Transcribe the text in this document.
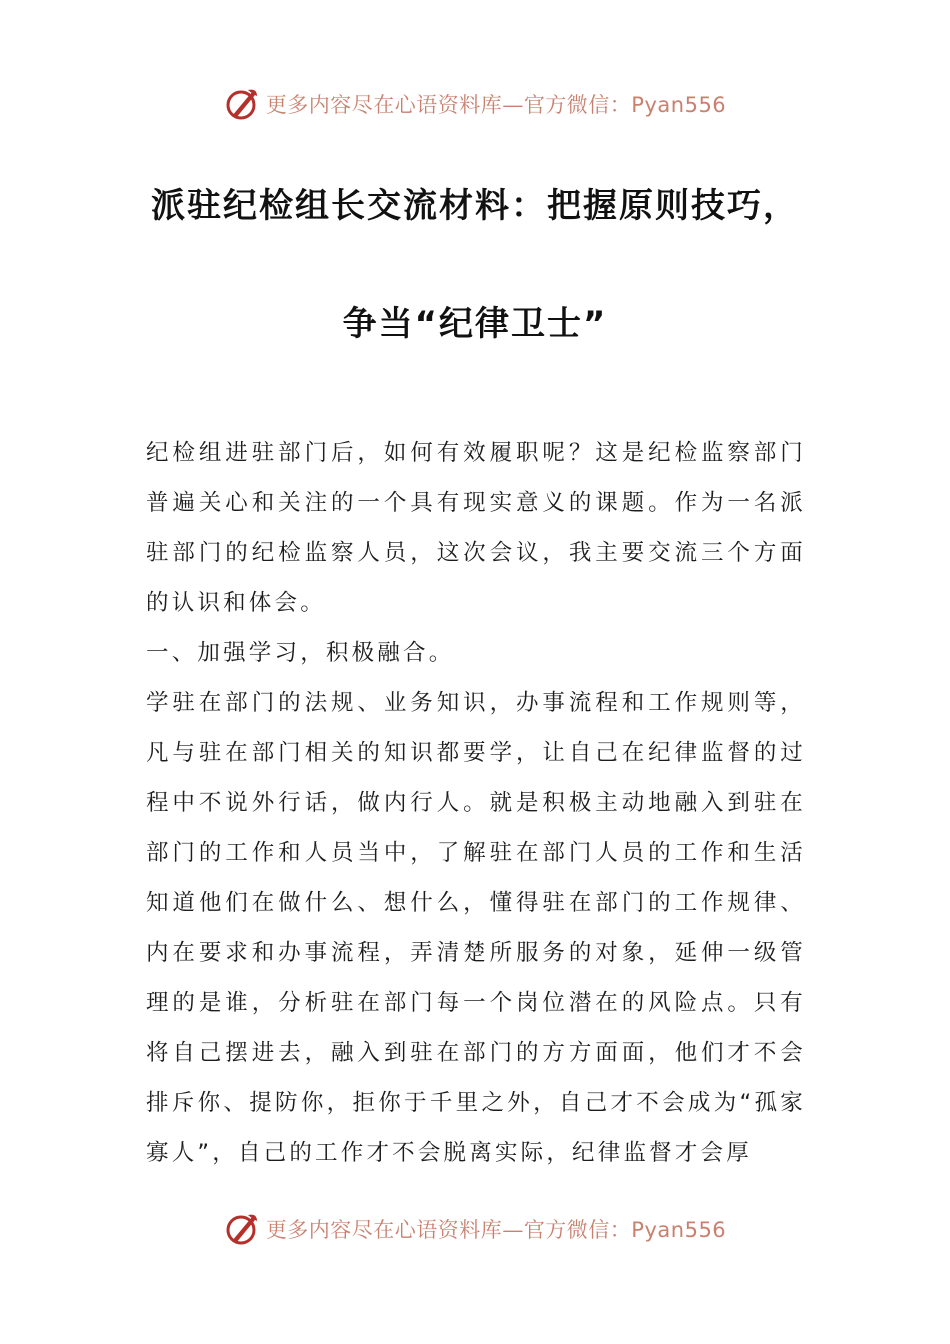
更多内容尽在心语资料库—官方微信：Pyan556
派驻纪检组长交流材料：把握原则技巧，
争当“纪律卫士”

纪检组进驻部门后，如何有效履职呢？这是纪检监察部门普遍关心和关注的一个具有现实意义的课题。作为一名派驻部门的纪检监察人员，这次会议，我主要交流三个方面的认识和体会。

一、加强学习，积极融合。

学驻在部门的法规、业务知识，办事流程和工作规则等，凡与驻在部门相关的知识都要学，让自己在纪律监督的过程中不说外行话，做内行人。就是积极主动地融入到驻在部门的工作和人员当中，了解驻在部门人员的工作和生活知道他们在做什么、想什么，懂得驻在部门的工作规律、内在要求和办事流程，弄清楚所服务的对象，延伸一级管理的是谁，分析驻在部门每一个岗位潜在的风险点。只有将自己摆进去，融入到驻在部门的方方面面，他们才不会排斥你、提防你，拒你于千里之外，自己才不会成为“孤家寡人”，自己的工作才不会脱离实际，纪律监督才会厚

更多内容尽在心语资料库—官方微信：Pyan556
